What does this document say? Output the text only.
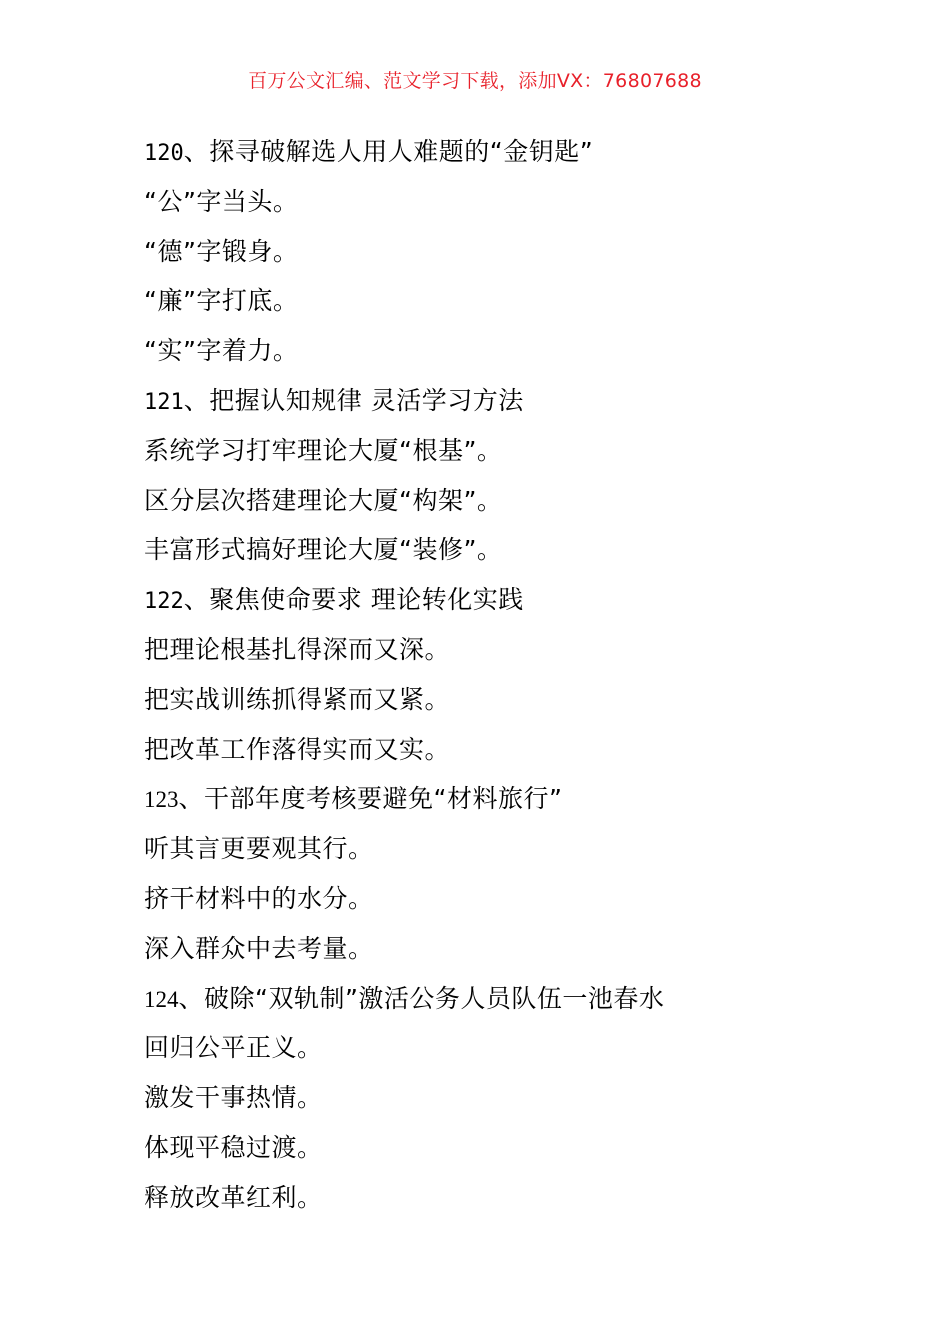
百万公文汇编、范文学习下载，添加VX：76807688
120、探寻破解选人用人难题的“金钥匙”
“公”字当头。
“德”字锻身。
“廉”字打底。
“实”字着力。
121、把握认知规律 灵活学习方法
系统学习打牢理论大厦“根基”。
区分层次搭建理论大厦“构架”。
丰富形式搞好理论大厦“装修”。
122、聚焦使命要求 理论转化实践
把理论根基扎得深而又深。
把实战训练抓得紧而又紧。
把改革工作落得实而又实。
123、干部年度考核要避免“材料旅行”
听其言更要观其行。
挤干材料中的水分。
深入群众中去考量。
124、破除“双轨制”激活公务人员队伍一池春水
回归公平正义。
激发干事热情。
体现平稳过渡。
释放改革红利。
